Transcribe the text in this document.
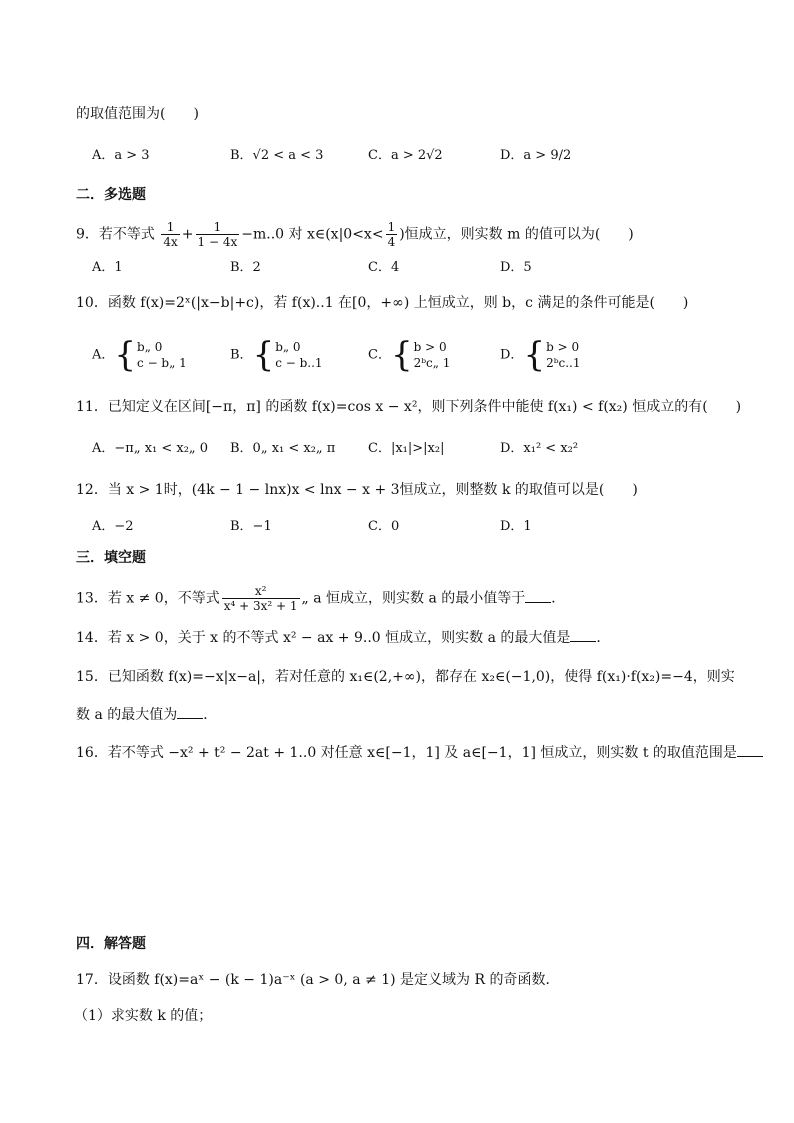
的取值范围为(　　)
A．a > 3	B．√2 < a < 3	C．a > 2√2	D．a > 9/2
二．多选题
9．若不等式 $\frac{1}{4x} + \frac{1}{1 - 4x} -m..0$ 对 x∈(x|0<x< $\frac{1}{4}$ )恒成立，则实数 m 的值可以为(　　)
A．1	B．2	C．4	D．5
10．函数 f(x)=2ˣ(|x−b|+c)，若 f(x)..1 在[0，+∞) 上恒成立，则 b，c 满足的条件可能是(　　)
A．{ b„ 0
c − b„ 1
B．{ b„ 0
c − b..1
C．{ b > 0
2ᵇc„ 1
D．{ b > 0
2ᵇc..1
11．已知定义在区间[−π，π] 的函数 f(x)=cos x − x²，则下列条件中能使 f(x₁) < f(x₂) 恒成立的有(　　)
A．−π„ x₁ < x₂„ 0 B．0„ x₁ < x₂„ π	C．|x₁|>|x₂|	D．x₁² < x₂²
12．当 x > 1时，(4k − 1 − lnx)x < lnx − x + 3恒成立，则整数 k 的取值可以是(　　)
A．−2	B．−1	C．0	D．1
三．填空题
13．若 x ≠ 0，不等式 $\frac{\text{x²}}{\text{x⁴ + 3x² + 1}}$ „ a 恒成立，则实数 a 的最小值等于 ．
14．若 x > 0，关于 x 的不等式 x² − ax + 9..0 恒成立，则实数 a 的最大值是 ．
15．已知函数 f(x)=−x|x−a|，若对任意的 x₁∈(2,+∞)，都存在 x₂∈(−1,0)，使得 f(x₁)·f(x₂)=−4，则实
数 a 的最大值为 ．
16．若不等式 −x² + t² − 2at + 1..0 对任意 x∈[−1，1] 及 a∈[−1，1] 恒成立，则实数 t 的取值范围是
四．解答题
17．设函数 f(x)=aˣ − (k − 1)a⁻ˣ (a > 0, a ≠ 1) 是定义域为 R 的奇函数．
（1）求实数 k 的值；
